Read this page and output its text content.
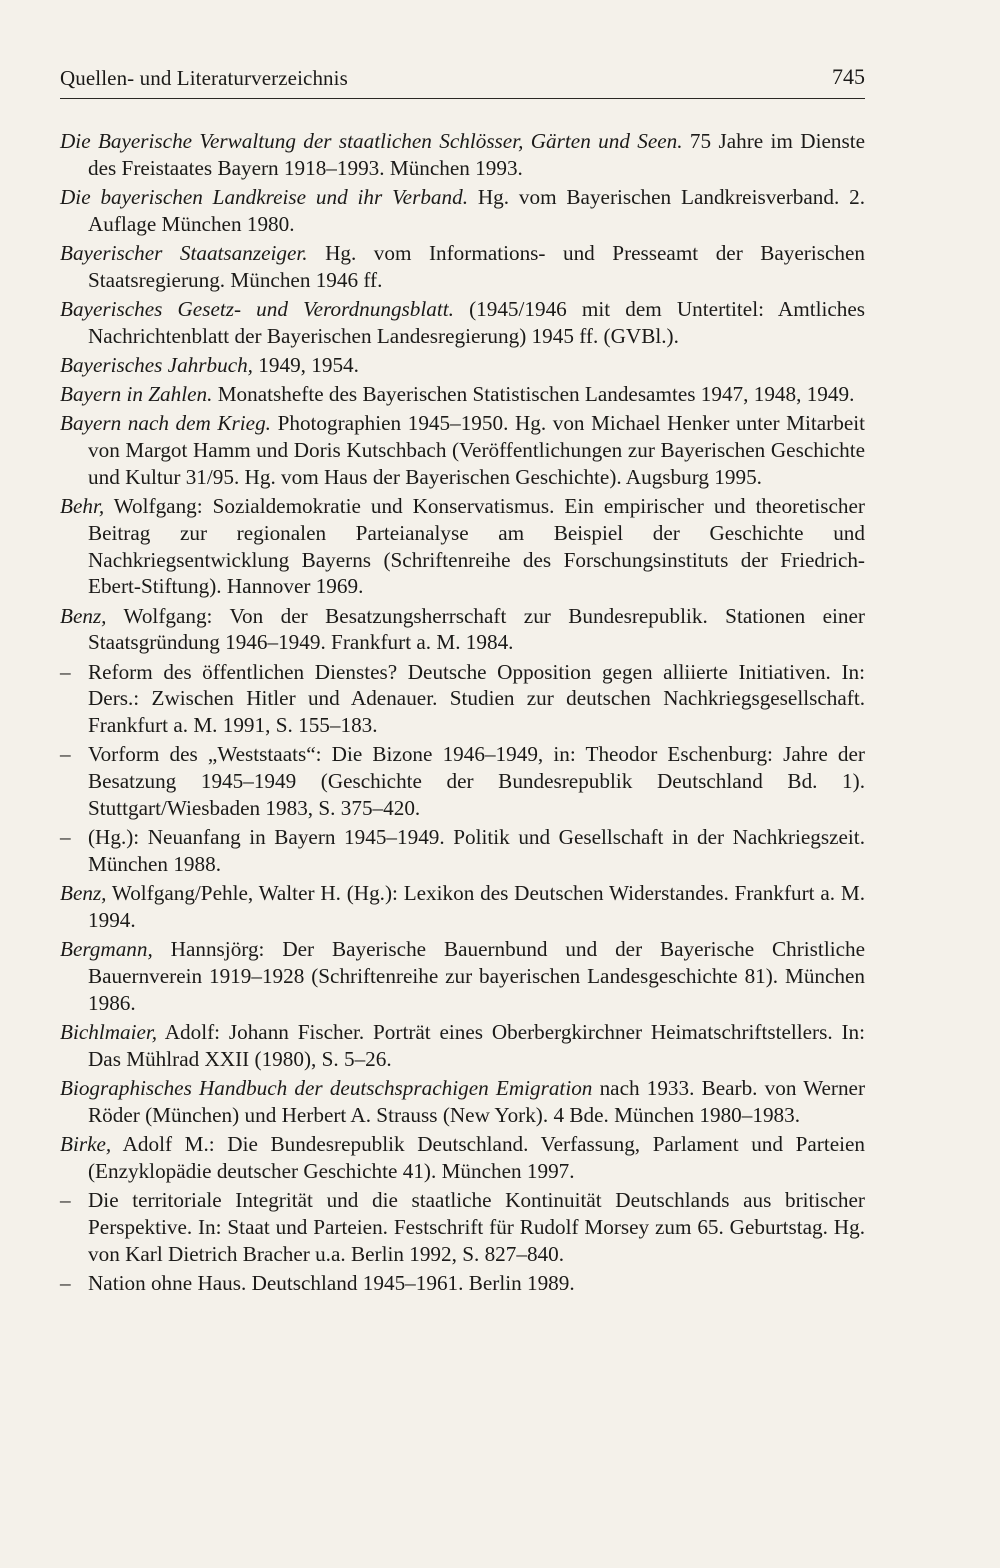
Quellen- und Literaturverzeichnis	745

Die Bayerische Verwaltung der staatlichen Schlösser, Gärten und Seen. 75 Jahre im Dienste des Freistaates Bayern 1918–1993. München 1993.

Die bayerischen Landkreise und ihr Verband. Hg. vom Bayerischen Landkreisverband. 2. Auflage München 1980.

Bayerischer Staatsanzeiger. Hg. vom Informations- und Presseamt der Bayerischen Staatsregierung. München 1946 ff.

Bayerisches Gesetz- und Verordnungsblatt. (1945/1946 mit dem Untertitel: Amtliches Nachrichtenblatt der Bayerischen Landesregierung) 1945 ff. (GVBl.).

Bayerisches Jahrbuch, 1949, 1954.

Bayern in Zahlen. Monatshefte des Bayerischen Statistischen Landesamtes 1947, 1948, 1949.

Bayern nach dem Krieg. Photographien 1945–1950. Hg. von Michael Henker unter Mitarbeit von Margot Hamm und Doris Kutschbach (Veröffentlichungen zur Bayerischen Geschichte und Kultur 31/95. Hg. vom Haus der Bayerischen Geschichte). Augsburg 1995.

Behr, Wolfgang: Sozialdemokratie und Konservatismus. Ein empirischer und theoretischer Beitrag zur regionalen Parteianalyse am Beispiel der Geschichte und Nachkriegsentwicklung Bayerns (Schriftenreihe des Forschungsinstituts der Friedrich-Ebert-Stiftung). Hannover 1969.

Benz, Wolfgang: Von der Besatzungsherrschaft zur Bundesrepublik. Stationen einer Staatsgründung 1946–1949. Frankfurt a. M. 1984.

– Reform des öffentlichen Dienstes? Deutsche Opposition gegen alliierte Initiativen. In: Ders.: Zwischen Hitler und Adenauer. Studien zur deutschen Nachkriegsgesellschaft. Frankfurt a. M. 1991, S. 155–183.

– Vorform des „Weststaats“: Die Bizone 1946–1949, in: Theodor Eschenburg: Jahre der Besatzung 1945–1949 (Geschichte der Bundesrepublik Deutschland Bd. 1). Stuttgart/Wiesbaden 1983, S. 375–420.

– (Hg.): Neuanfang in Bayern 1945–1949. Politik und Gesellschaft in der Nachkriegszeit. München 1988.

Benz, Wolfgang/Pehle, Walter H. (Hg.): Lexikon des Deutschen Widerstandes. Frankfurt a. M. 1994.

Bergmann, Hannsjörg: Der Bayerische Bauernbund und der Bayerische Christliche Bauernverein 1919–1928 (Schriftenreihe zur bayerischen Landesgeschichte 81). München 1986.

Bichlmaier, Adolf: Johann Fischer. Porträt eines Oberbergkirchner Heimatschriftstellers. In: Das Mühlrad XXII (1980), S. 5–26.

Biographisches Handbuch der deutschsprachigen Emigration nach 1933. Bearb. von Werner Röder (München) und Herbert A. Strauss (New York). 4 Bde. München 1980–1983.

Birke, Adolf M.: Die Bundesrepublik Deutschland. Verfassung, Parlament und Parteien (Enzyklopädie deutscher Geschichte 41). München 1997.

– Die territoriale Integrität und die staatliche Kontinuität Deutschlands aus britischer Perspektive. In: Staat und Parteien. Festschrift für Rudolf Morsey zum 65. Geburtstag. Hg. von Karl Dietrich Bracher u.a. Berlin 1992, S. 827–840.

– Nation ohne Haus. Deutschland 1945–1961. Berlin 1989.
